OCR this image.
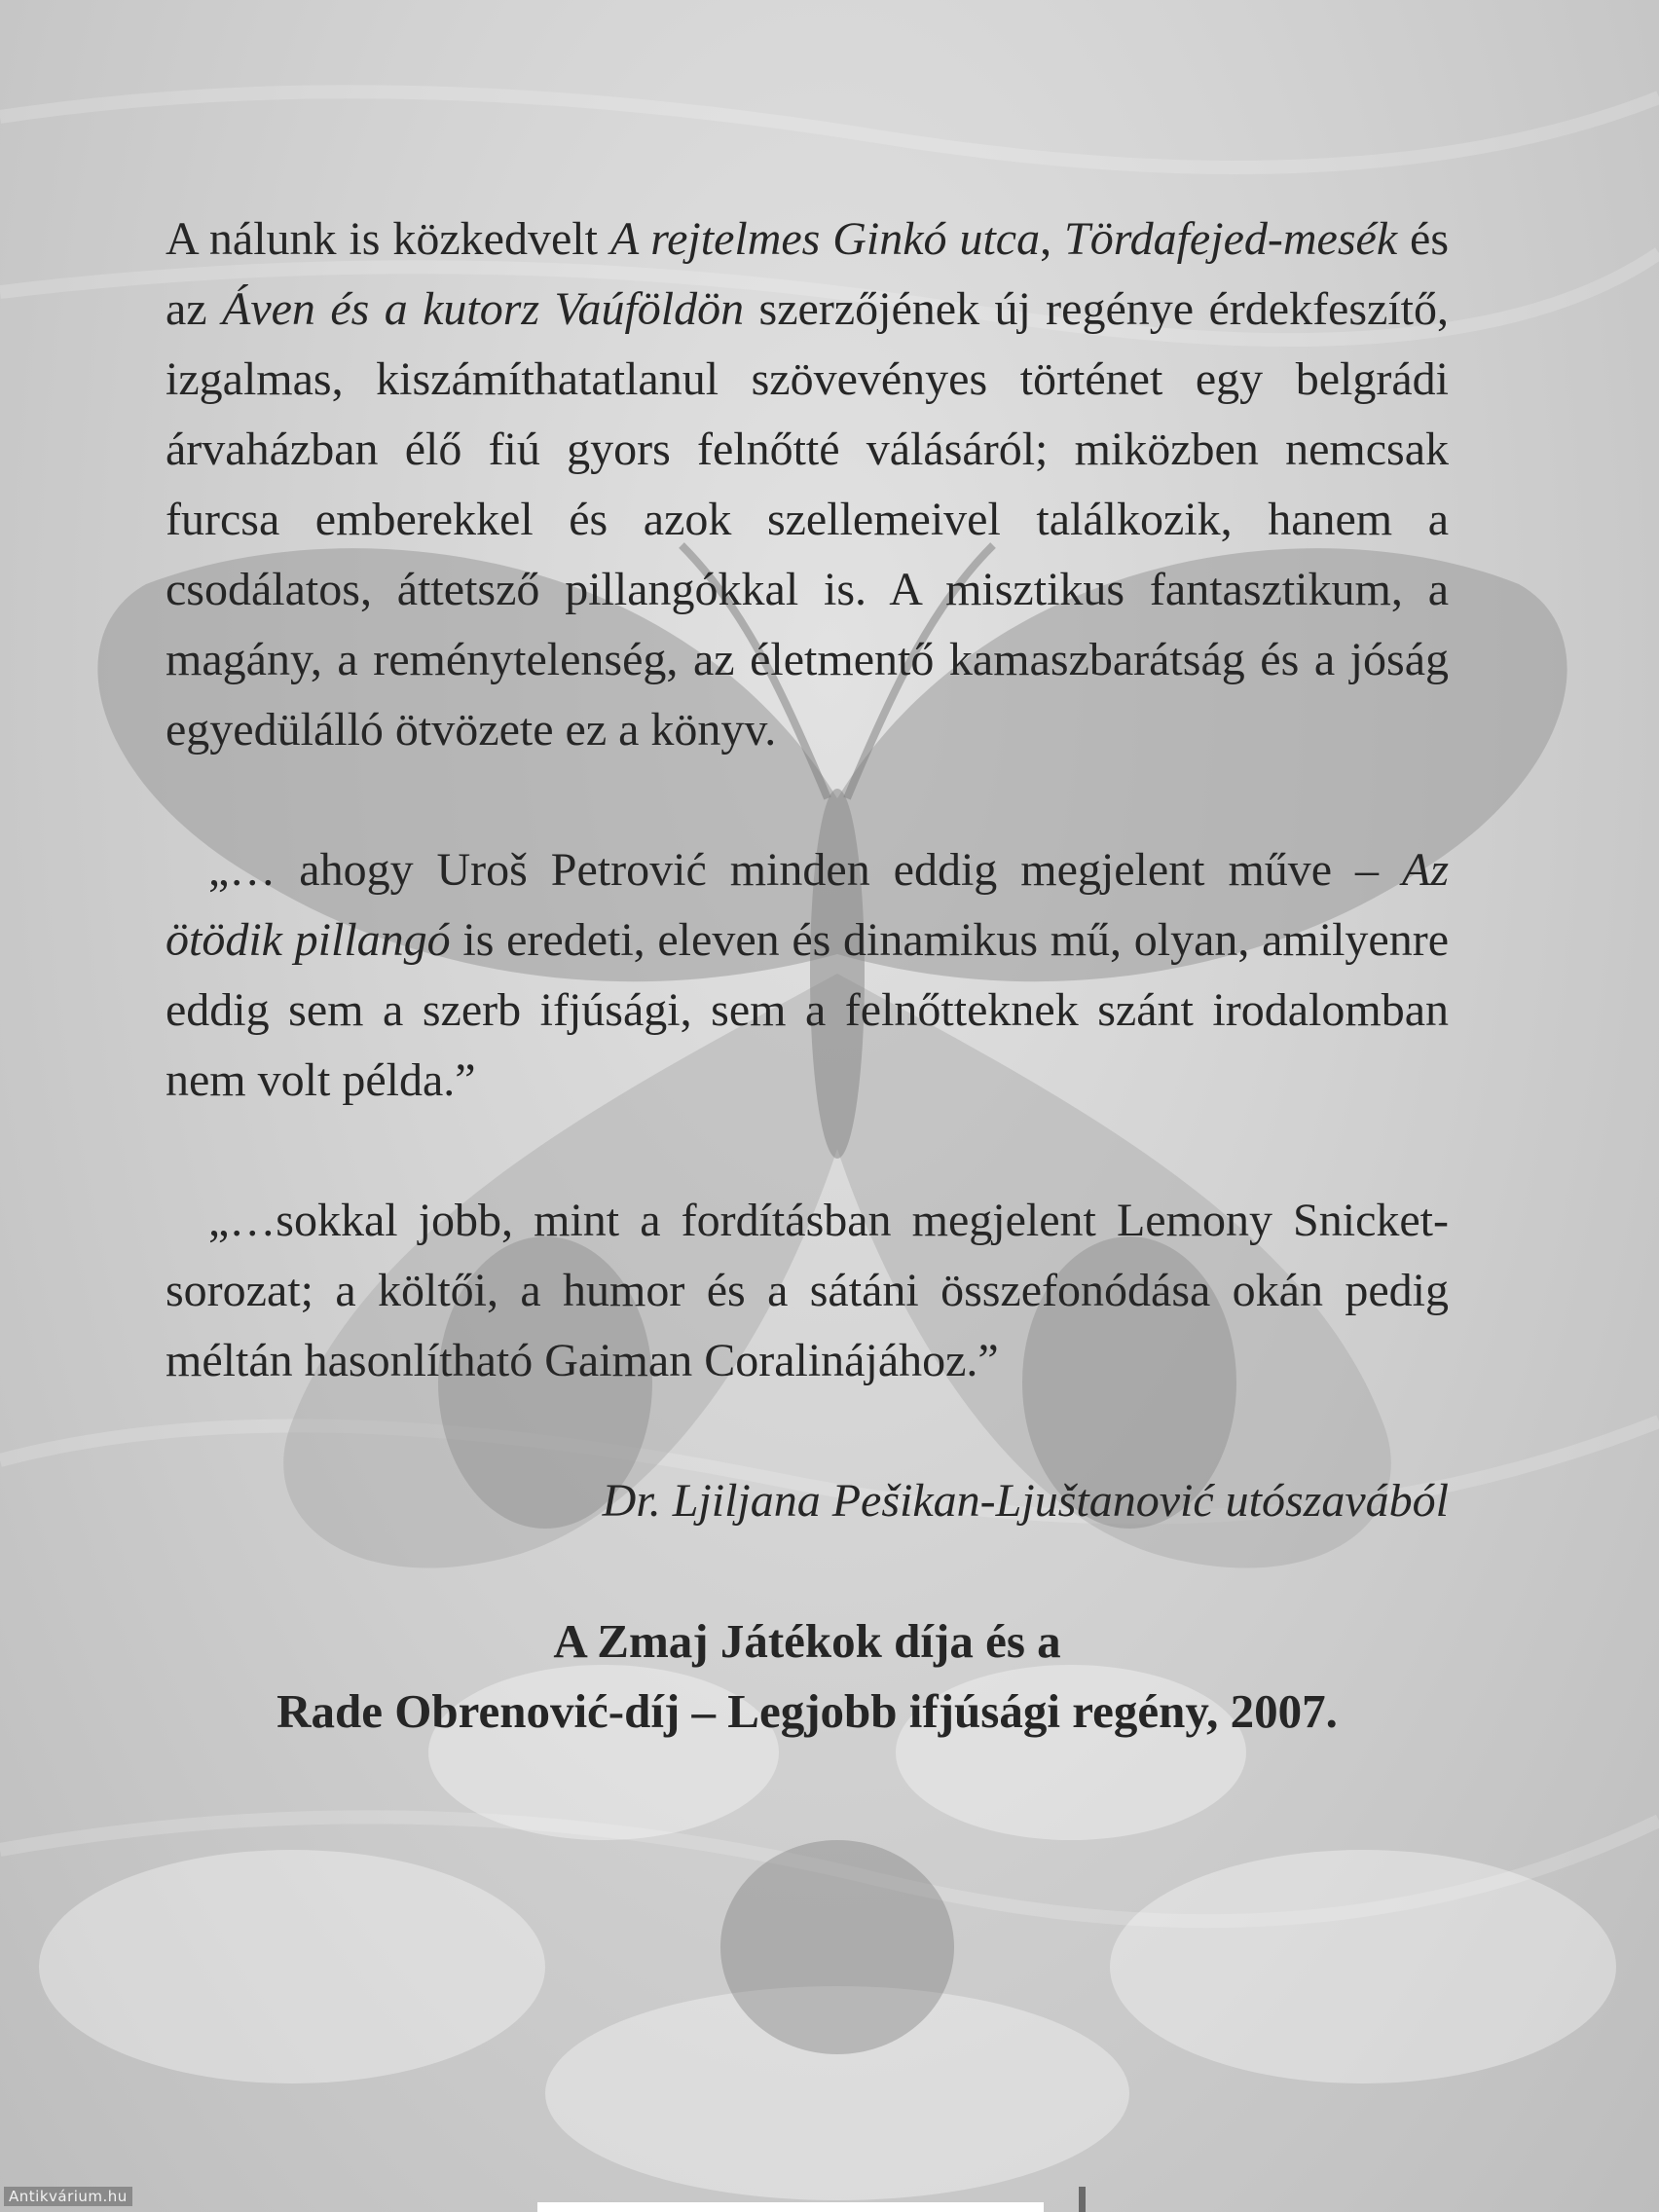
A nálunk is közkedvelt A rejtelmes Ginkó utca, Tördafejed-mesék és az Áven és a kutorz Vaúföldön szerzőjének új regénye érdekfeszítő, izgalmas, kiszámíthatatlanul szövevényes történet egy belgrádi árvaházban élő fiú gyors felnőtté válásáról; miközben nemcsak furcsa emberekkel és azok szellemeivel találkozik, hanem a csodálatos, áttetsző pillangókkal is. A misztikus fantasztikum, a magány, a reménytelenség, az életmentő kamaszbarátság és a jóság egyedülálló ötvözete ez a könyv.

„… ahogy Uroš Petrović minden eddig megjelent műve – Az ötödik pillangó is eredeti, eleven és dinamikus mű, olyan, amilyenre eddig sem a szerb ifjúsági, sem a felnőtteknek szánt irodalomban nem volt példa.”

„…sokkal jobb, mint a fordításban megjelent Lemony Snicket-sorozat; a költői, a humor és a sátáni összefonódása okán pedig méltán hasonlítható Gaiman Coralinájához.”

Dr. Ljiljana Pešikan-Ljuštanović utószavából

A Zmaj Játékok díja és a
Rade Obrenović-díj – Legjobb ifjúsági regény, 2007.
Antikvárium.hu
